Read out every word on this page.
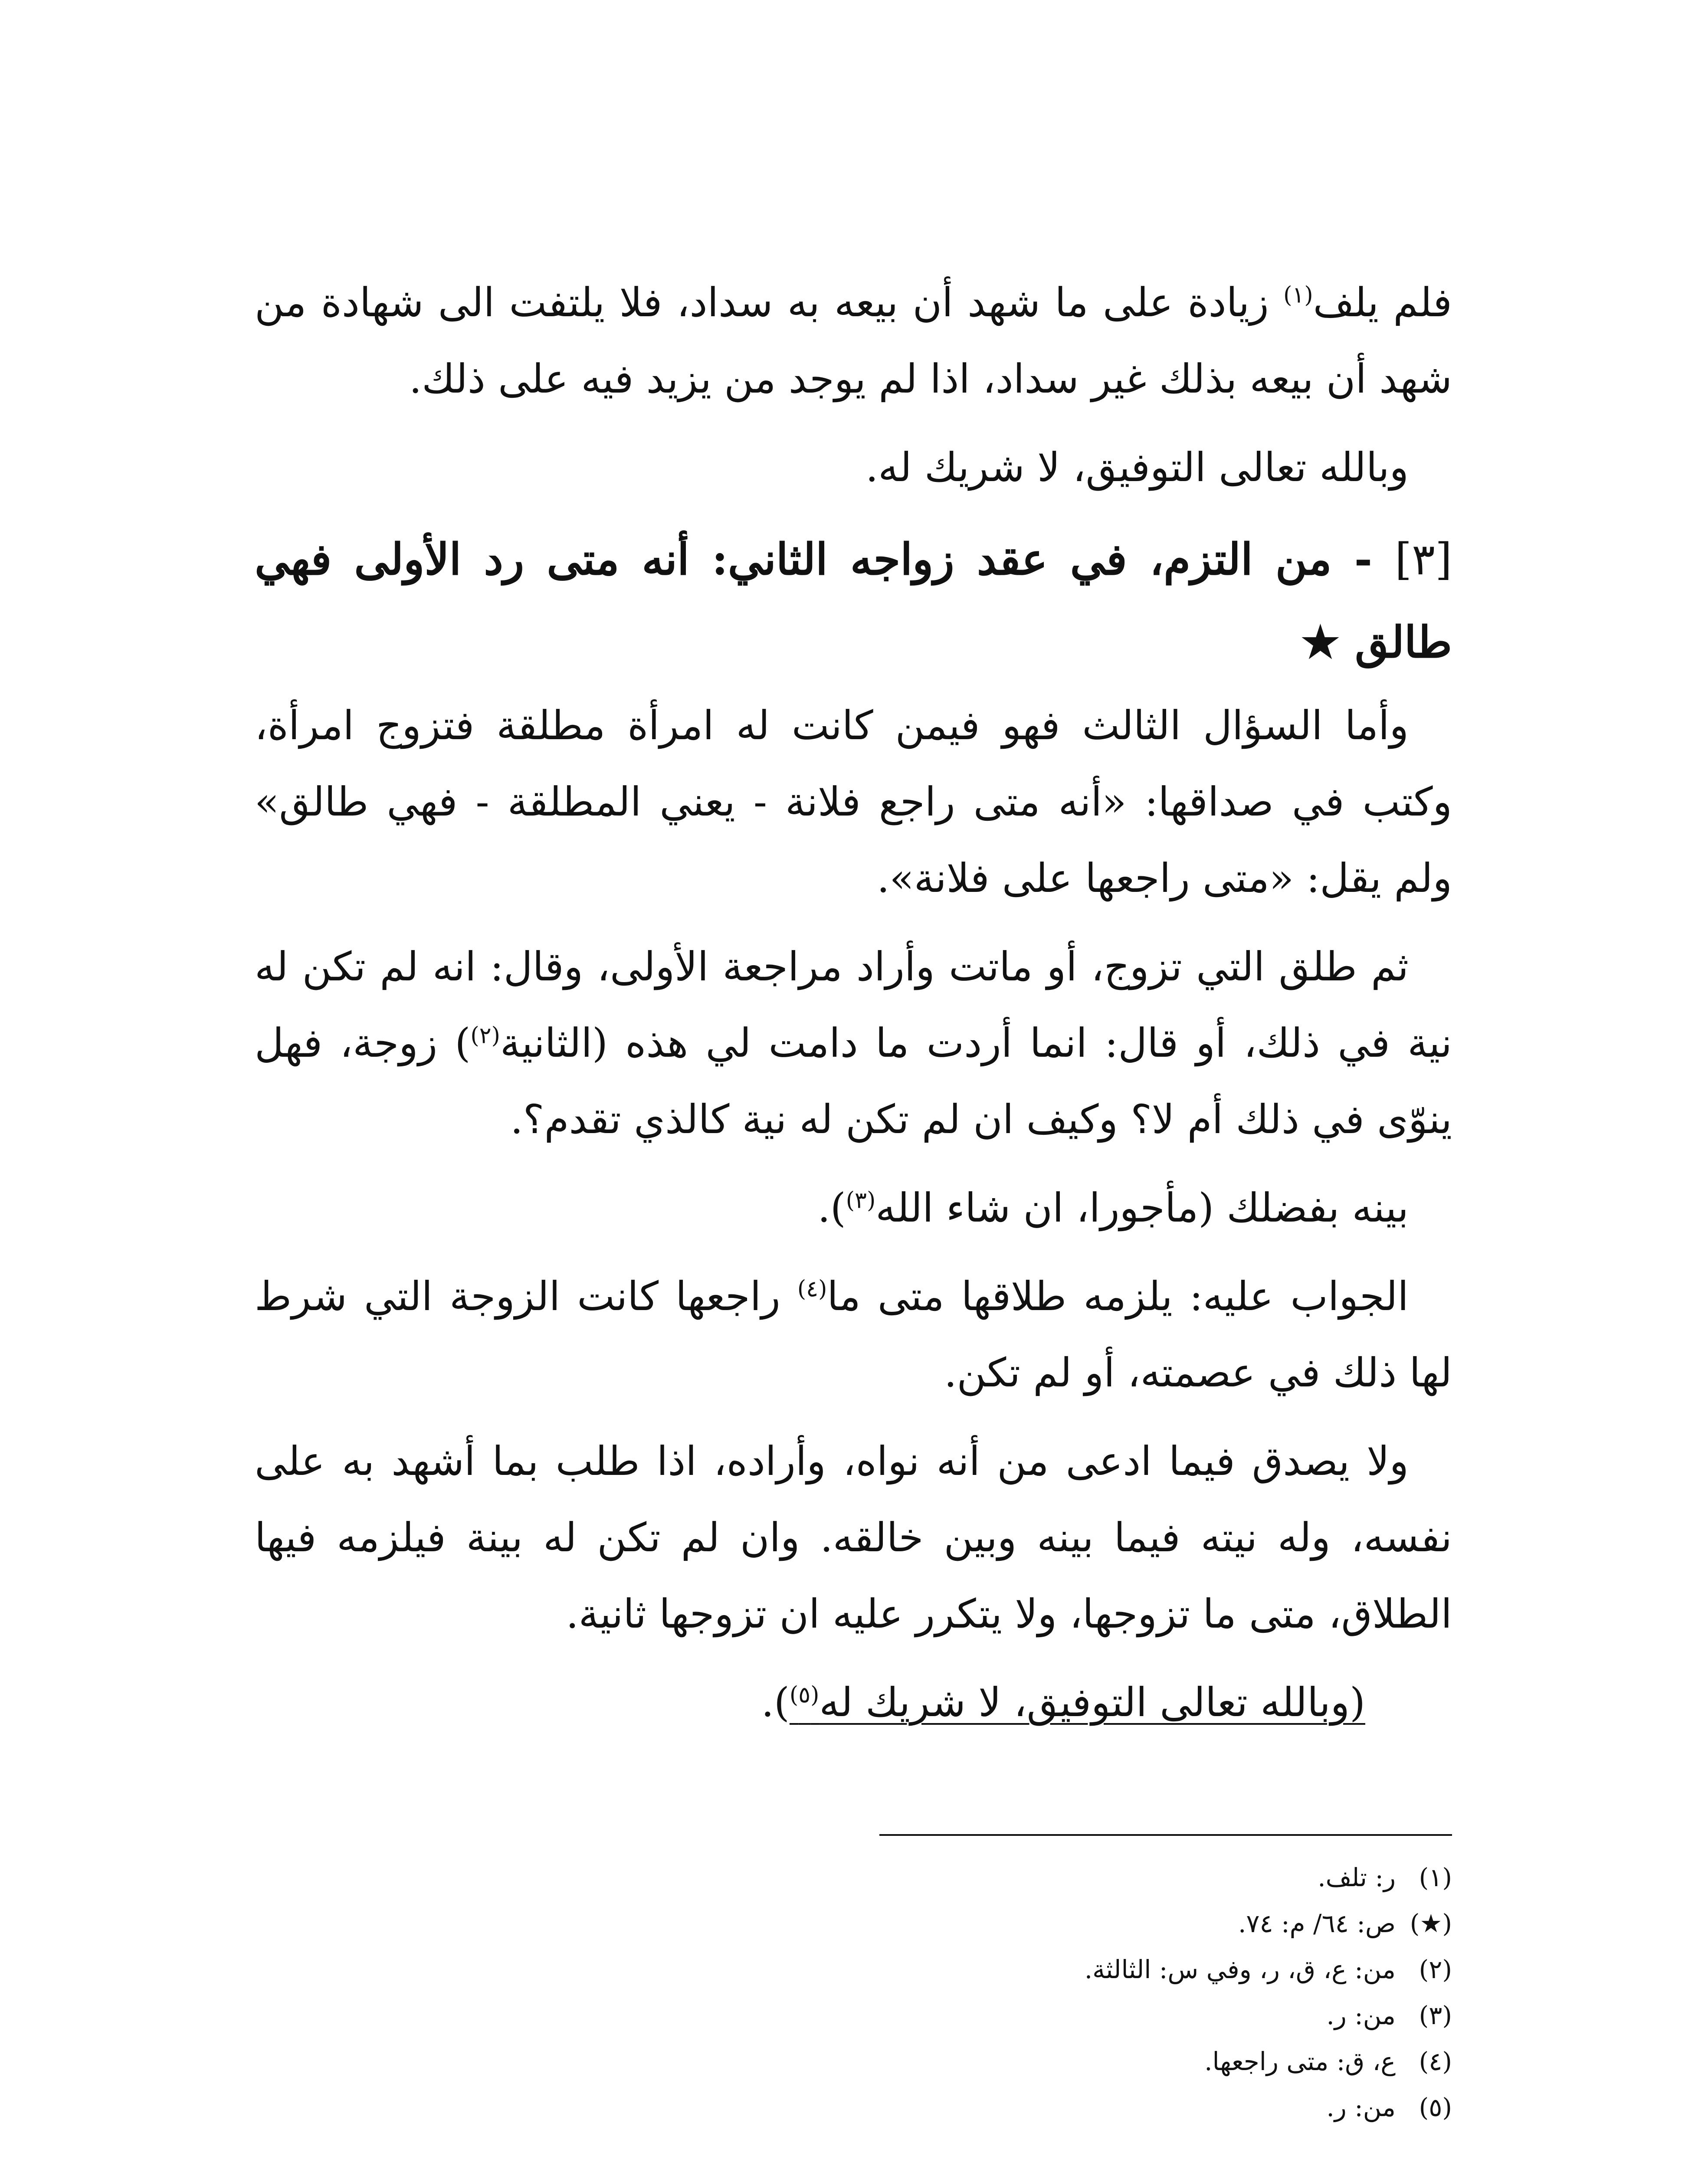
فلم يلف$^{(١)}$ زيادة على ما شهد أن بيعه به سداد، فلا يلتفت الى شهادة من شهد أن بيعه بذلك غير سداد، اذا لم يوجد من يزيد فيه على ذلك.

وبالله تعالى التوفيق، لا شريك له.

[٣] - من التزم، في عقد زواجه الثاني: أنه متى رد الأولى فهي طالق ★

وأما السؤال الثالث فهو فيمن كانت له امرأة مطلقة فتزوج امرأة، وكتب في صداقها: «أنه متى راجع فلانة - يعني المطلقة - فهي طالق» ولم يقل: «متى راجعها على فلانة».

ثم طلق التي تزوج، أو ماتت وأراد مراجعة الأولى، وقال: انه لم تكن له نية في ذلك، أو قال: انما أردت ما دامت لي هذه (الثانية$^{(٢)}$) زوجة، فهل ينوّى في ذلك أم لا؟ وكيف ان لم تكن له نية كالذي تقدم؟.

بينه بفضلك (مأجورا، ان شاء الله$^{(٣)}$).

الجواب عليه: يلزمه طلاقها متى ما$^{(٤)}$ راجعها كانت الزوجة التي شرط لها ذلك في عصمته، أو لم تكن.

ولا يصدق فيما ادعى من أنه نواه، وأراده، اذا طلب بما أشهد به على نفسه، وله نيته فيما بينه وبين خالقه. وان لم تكن له بينة فيلزمه فيها الطلاق، متى ما تزوجها، ولا يتكرر عليه ان تزوجها ثانية.

(وبالله تعالى التوفيق، لا شريك له$^{(٥)}$).

(١)ر: تلف.
(★)ص: ٦٤/ م: ٧٤.
(٢)من: ع، ق، ر، وفي س: الثالثة.
(٣)من: ر.
(٤)ع، ق: متى راجعها.
(٥)من: ر.
